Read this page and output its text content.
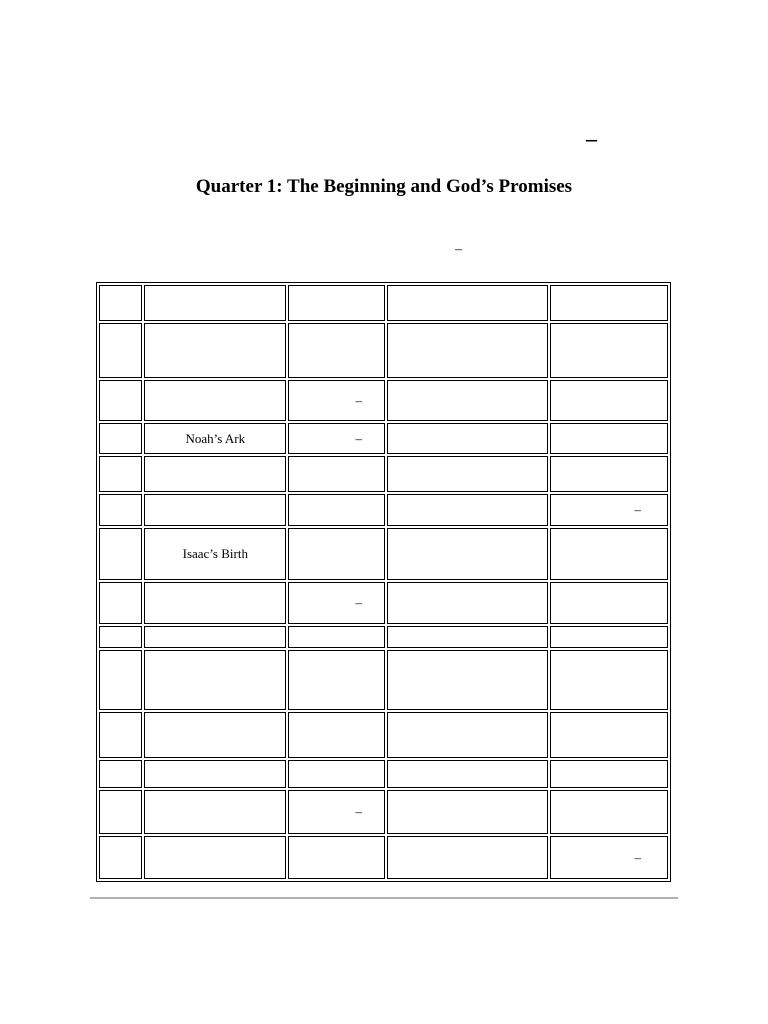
–
Quarter 1: The Beginning and God’s Promises
–

		–		
	Noah’s Ark	–		

				–
	Isaac’s Birth			
		–		

		–		
				–
